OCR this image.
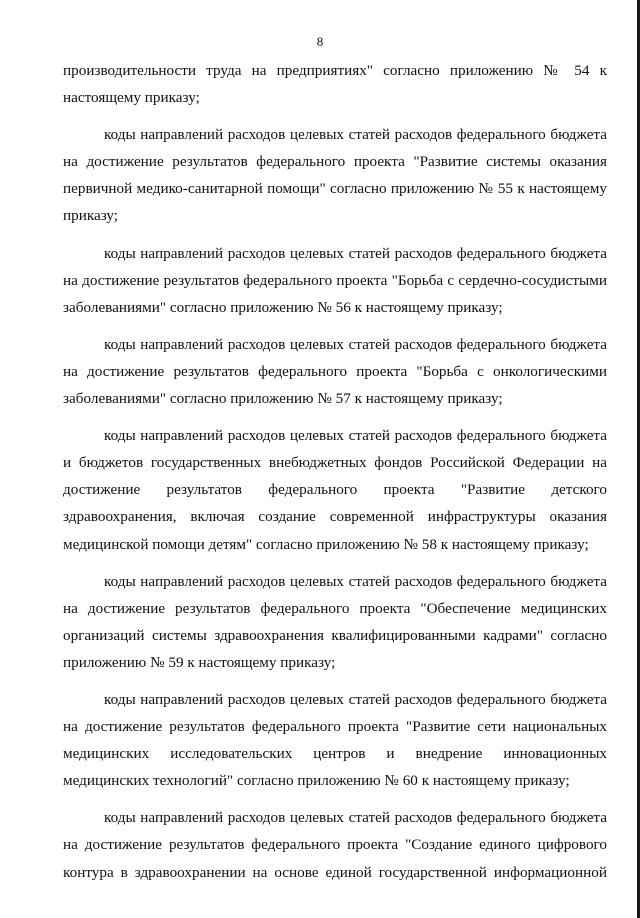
8

производительности труда на предприятиях" согласно приложению № 54 к настоящему приказу;

коды направлений расходов целевых статей расходов федерального бюджета на достижение результатов федерального проекта "Развитие системы оказания первичной медико-санитарной помощи" согласно приложению № 55 к настоящему приказу;

коды направлений расходов целевых статей расходов федерального бюджета на достижение результатов федерального проекта "Борьба с сердечно-сосудистыми заболеваниями" согласно приложению № 56 к настоящему приказу;

коды направлений расходов целевых статей расходов федерального бюджета на достижение результатов федерального проекта "Борьба с онкологическими заболеваниями" согласно приложению № 57 к настоящему приказу;

коды направлений расходов целевых статей расходов федерального бюджета и бюджетов государственных внебюджетных фондов Российской Федерации на достижение результатов федерального проекта "Развитие детского здравоохранения, включая создание современной инфраструктуры оказания медицинской помощи детям" согласно приложению № 58 к настоящему приказу;

коды направлений расходов целевых статей расходов федерального бюджета на достижение результатов федерального проекта "Обеспечение медицинских организаций системы здравоохранения квалифицированными кадрами" согласно приложению № 59 к настоящему приказу;

коды направлений расходов целевых статей расходов федерального бюджета на достижение результатов федерального проекта "Развитие сети национальных медицинских исследовательских центров и внедрение инновационных медицинских технологий" согласно приложению № 60 к настоящему приказу;

коды направлений расходов целевых статей расходов федерального бюджета на достижение результатов федерального проекта "Создание единого цифрового контура в здравоохранении на основе единой государственной информационной
